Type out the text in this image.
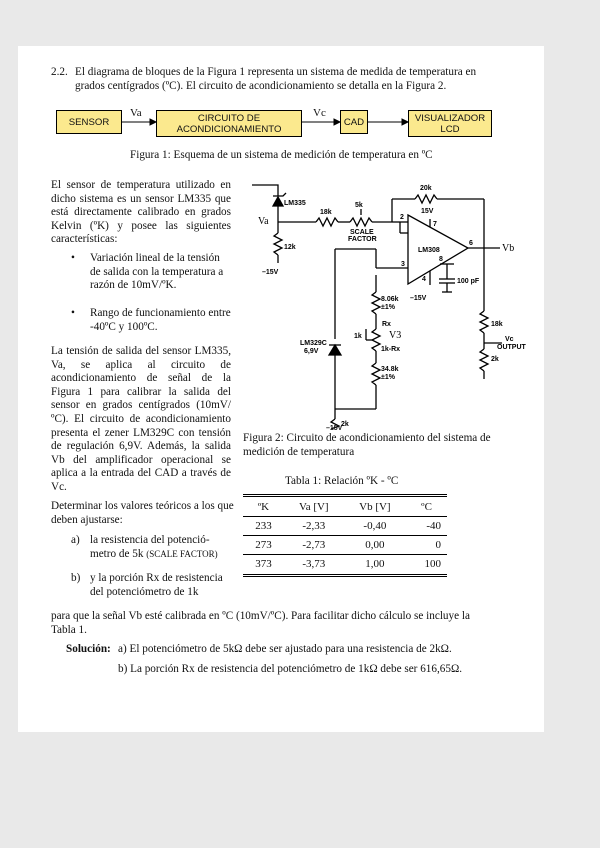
2.2. El diagrama de bloques de la Figura 1 representa un sistema de medida de temperatura en
grados centígrados (ºC). El circuito de acondicionamiento se detalla en la Figura 2.
SENSOR	CIRCUITO DE ACONDICIONAMIENTO
CAD	VISUALIZADOR LCD
Va	Vc
Figura 1: Esquema de un sistema de medición de temperatura en ºC
El sensor de temperatura utilizado en dicho sistema es un sensor LM335 que está directamente calibrado en grados Kelvin (ºK) y posee las siguientes características:
• Variación lineal de la tensión de salida con la temperatura a razón de 10mV/ºK.
• Rango de funcionamiento entre -40ºC y 100ºC.
La tensión de salida del sensor LM335, Va, se aplica al circuito de acondicionamiento de señal de la Figura 1 para calibrar la salida del sensor en grados centígrados (10mV/ºC). El circuito de acondicionamiento presenta el zener LM329C con tensión de regulación 6,9V. Además, la salida Vb del amplificador operacional se aplica a la entrada del CAD a través de Vc.
Determinar los valores teóricos a los que deben ajustarse:
a) la resistencia del potenció-metro de 5k (SCALE FACTOR)
b) y la porción Rx de resistencia del potenciómetro de 1k
LM335
Va
18k
5k
SCALE
FACTOR
20k
15V
12k
–15V
LM308
2
3
4
6
7
8
Vb
100 pF
8.06k
±1%
Rx
V3
–15V
1k
1k-Rx
18k
Vc
OUTPUT
2k
LM329C
6,9V
34.8k
±1%
2k
–15V
Figura 2: Circuito de acondicionamiento del sistema de medición de temperatura
Tabla 1: Relación ºK - ºC
ºK	Va [V]	Vb [V]	ºC
233	-2,33	-0,40	-40
273	-2,73	0,00	0
373	-3,73	1,00	100
para que la señal Vb esté calibrada en ºC (10mV/ºC). Para facilitar dicho cálculo se incluye la
Tabla 1.
Solución: a) El potenciómetro de 5kΩ debe ser ajustado para una resistencia de 2kΩ.
b) La porción Rx de resistencia del potenciómetro de 1kΩ debe ser 616,65Ω.
